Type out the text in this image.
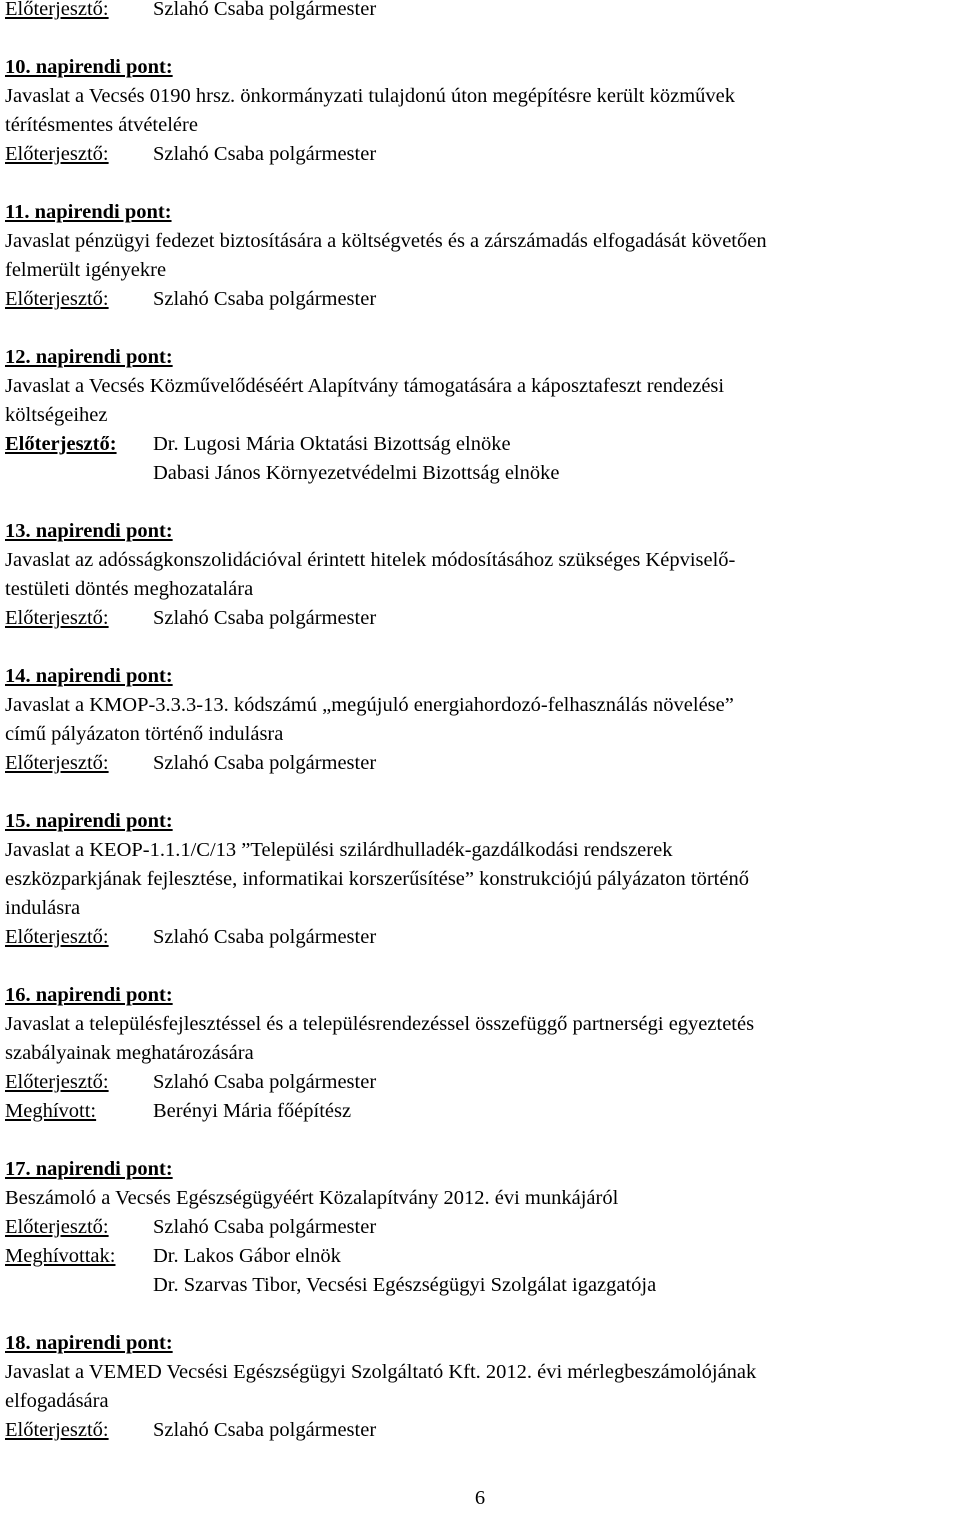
Előterjesztő:	Szlahó Csaba polgármester
10. napirendi pont:
Javaslat a Vecsés 0190 hrsz. önkormányzati tulajdonú úton megépítésre került közművek
térítésmentes átvételére
Előterjesztő:	Szlahó Csaba polgármester
11. napirendi pont:
Javaslat pénzügyi fedezet biztosítására a költségvetés és a zárszámadás elfogadását követően
felmerült igényekre
Előterjesztő:	Szlahó Csaba polgármester
12. napirendi pont:
Javaslat a Vecsés Közművelődéséért Alapítvány támogatására a káposztafeszt rendezési
költségeihez
Előterjesztő:	Dr. Lugosi Mária Oktatási Bizottság elnöke
Dabasi János Környezetvédelmi Bizottság elnöke
13. napirendi pont:
Javaslat az adósságkonszolidációval érintett hitelek módosításához szükséges Képviselő-
testületi döntés meghozatalára
Előterjesztő:	Szlahó Csaba polgármester
14. napirendi pont:
Javaslat a KMOP-3.3.3-13. kódszámú „megújuló energiahordozó-felhasználás növelése”
című pályázaton történő indulásra
Előterjesztő:	Szlahó Csaba polgármester
15. napirendi pont:
Javaslat a KEOP-1.1.1/C/13 ”Települési szilárdhulladék-gazdálkodási rendszerek
eszközparkjának fejlesztése, informatikai korszerűsítése” konstrukciójú pályázaton történő
indulásra
Előterjesztő:	Szlahó Csaba polgármester
16. napirendi pont:
Javaslat a településfejlesztéssel és a településrendezéssel összefüggő partnerségi egyeztetés
szabályainak meghatározására
Előterjesztő:	Szlahó Csaba polgármester
Meghívott:	Berényi Mária főépítész
17. napirendi pont:
Beszámoló a Vecsés Egészségügyéért Közalapítvány 2012. évi munkájáról
Előterjesztő:	Szlahó Csaba polgármester
Meghívottak:	Dr. Lakos Gábor elnök
Dr. Szarvas Tibor, Vecsési Egészségügyi Szolgálat igazgatója
18. napirendi pont:
Javaslat a VEMED Vecsési Egészségügyi Szolgáltató Kft. 2012. évi mérlegbeszámolójának
elfogadására
Előterjesztő:	Szlahó Csaba polgármester
6
